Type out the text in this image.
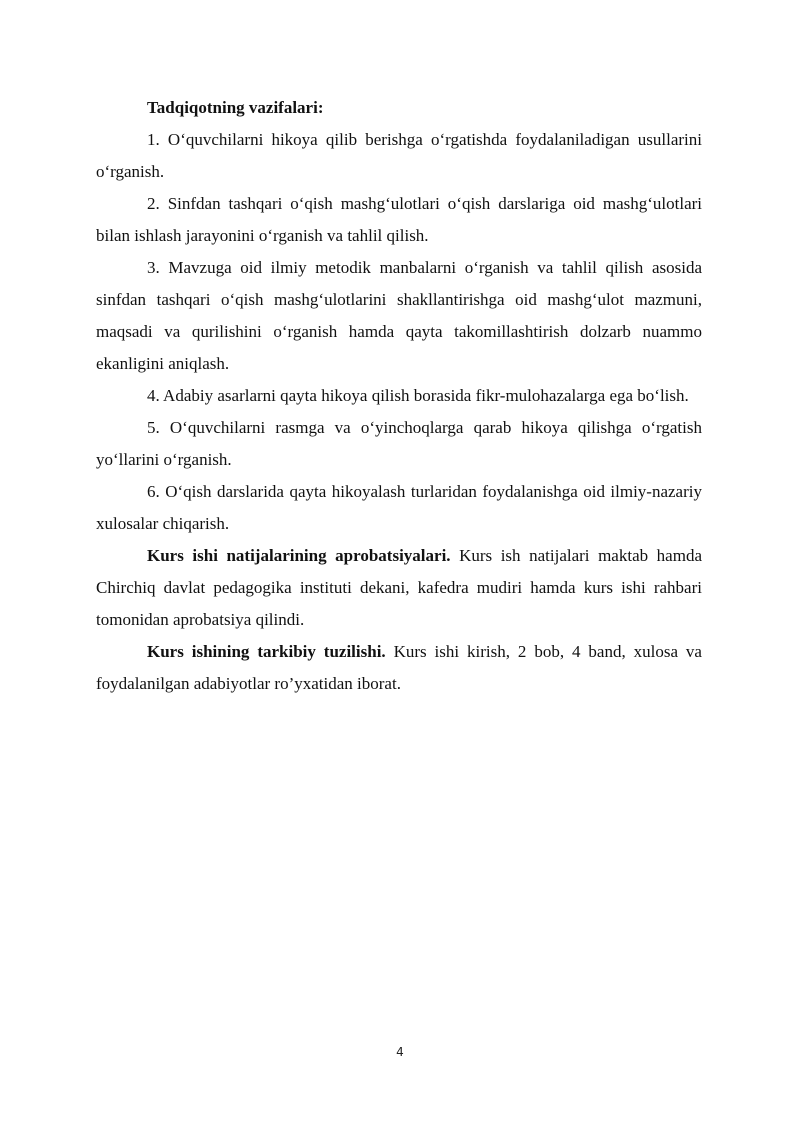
Tadqiqotning vazifalari:

1. O‘quvchilarni hikoya qilib berishga o‘rgatishda foydalaniladigan usullarini o‘rganish.

2. Sinfdan tashqari o‘qish mashg‘ulotlari o‘qish darslariga oid mashg‘ulotlari bilan ishlash jarayonini o‘rganish va tahlil qilish.

3. Mavzuga oid ilmiy metodik manbalarni o‘rganish va tahlil qilish asosida sinfdan tashqari o‘qish mashg‘ulotlarini shakllantirishga oid mashg‘ulot mazmuni, maqsadi va qurilishini o‘rganish hamda qayta takomillashtirish dolzarb nuammo ekanligini aniqlash.

4. Adabiy asarlarni qayta hikoya qilish borasida fikr-mulohazalarga ega bo‘lish.

5. O‘quvchilarni rasmga va o‘yinchoqlarga qarab hikoya qilishga o‘rgatish yo‘llarini o‘rganish.

6. O‘qish darslarida qayta hikoyalash turlaridan foydalanishga oid ilmiy-nazariy xulosalar chiqarish.

Kurs ishi natijalarining aprobatsiyalari. Kurs ish natijalari maktab hamda Chirchiq davlat pedagogika instituti dekani, kafedra mudiri hamda kurs ishi rahbari tomonidan aprobatsiya qilindi.

Kurs ishining tarkibiy tuzilishi. Kurs ishi kirish, 2 bob, 4 band, xulosa va foydalanilgan adabiyotlar ro’yxatidan iborat.

4
